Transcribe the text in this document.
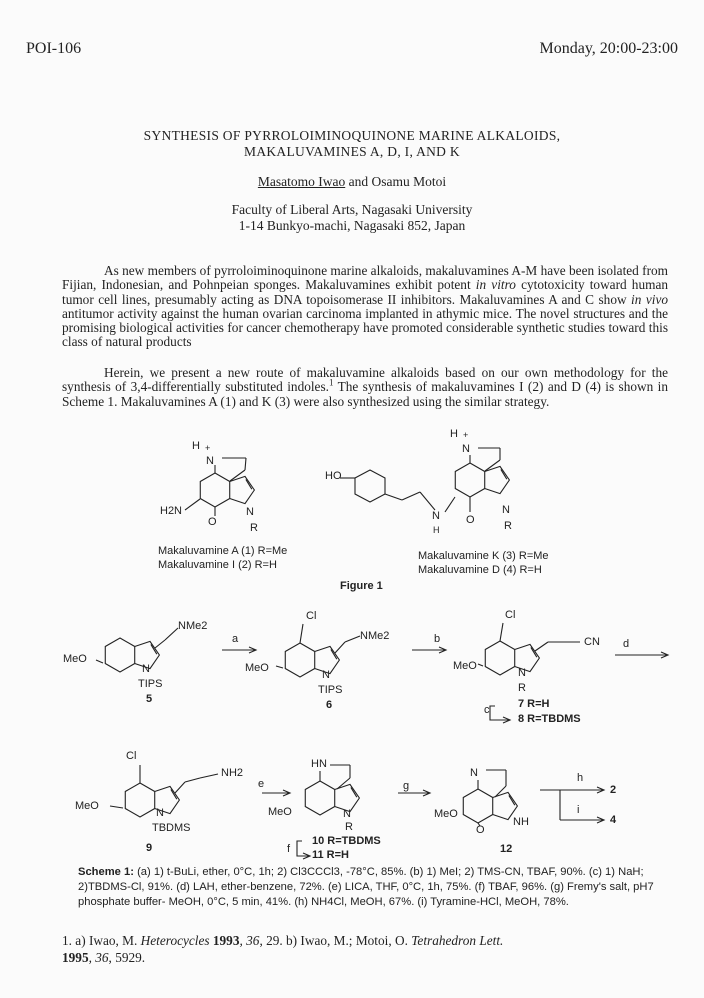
POI-106	Monday, 20:00-23:00
SYNTHESIS OF PYRROLOIMINOQUINONE MARINE ALKALOIDS,
MAKALUVAMINES A, D, I, AND K
Masatomo Iwao and Osamu Motoi
Faculty of Liberal Arts, Nagasaki University
1-14 Bunkyo-machi, Nagasaki 852, Japan
As new members of pyrroloiminoquinone marine alkaloids, makaluvamines A-M have been isolated from Fijian, Indonesian, and Pohnpeian sponges. Makaluvamines exhibit potent in vitro cytotoxicity toward human tumor cell lines, presumably acting as DNA topoisomerase II inhibitors. Makaluvamines A and C show in vivo antitumor activity against the human ovarian carcinoma implanted in athymic mice. The novel structures and the promising biological activities for cancer chemotherapy have promoted considerable synthetic studies toward this class of natural products
Herein, we present a new route of makaluvamine alkaloids based on our own methodology for the synthesis of 3,4-differentially substituted indoles.$^1$ The synthesis of makaluvamines I (2) and D (4) is shown in Scheme 1. Makaluvamines A (1) and K (3) were also synthesized using the similar strategy.
H +
N
H2N
O
N
R
H +
N
HO
N
H
O
N
R
Makaluvamine A (1) R=Me
Makaluvamine I (2) R=H
Makaluvamine K (3) R=Me
Makaluvamine D (4) R=H
Figure 1
NMe2
MeO
N
TIPS
5
a
Cl
NMe2
MeO
N
TIPS
6
b
Cl
CN
MeO
N
R
c	7 R=H
8 R=TBDMS
d
Cl
NH2
MeO
N
TBDMS
9
e
HN
MeO	N
R
f
10 R=TBDMS
11 R=H
g
N
MeO
O
NH
12
h
i
2
4
Scheme 1: (a) 1) t-BuLi, ether, 0°C, 1h; 2) Cl3CCCl3, -78°C, 85%. (b) 1) MeI; 2) TMS-CN, TBAF, 90%. (c) 1) NaH; 2)TBDMS-Cl, 91%. (d) LAH, ether-benzene, 72%. (e) LICA, THF, 0°C, 1h, 75%. (f) TBAF, 96%. (g) Fremy's salt, pH7 phosphate buffer- MeOH, 0°C, 5 min, 41%. (h) NH4Cl, MeOH, 67%. (i) Tyramine-HCl, MeOH, 78%.
1. a) Iwao, M. Heterocycles 1993, 36, 29. b) Iwao, M.; Motoi, O. Tetrahedron Lett.
1995, 36, 5929.
